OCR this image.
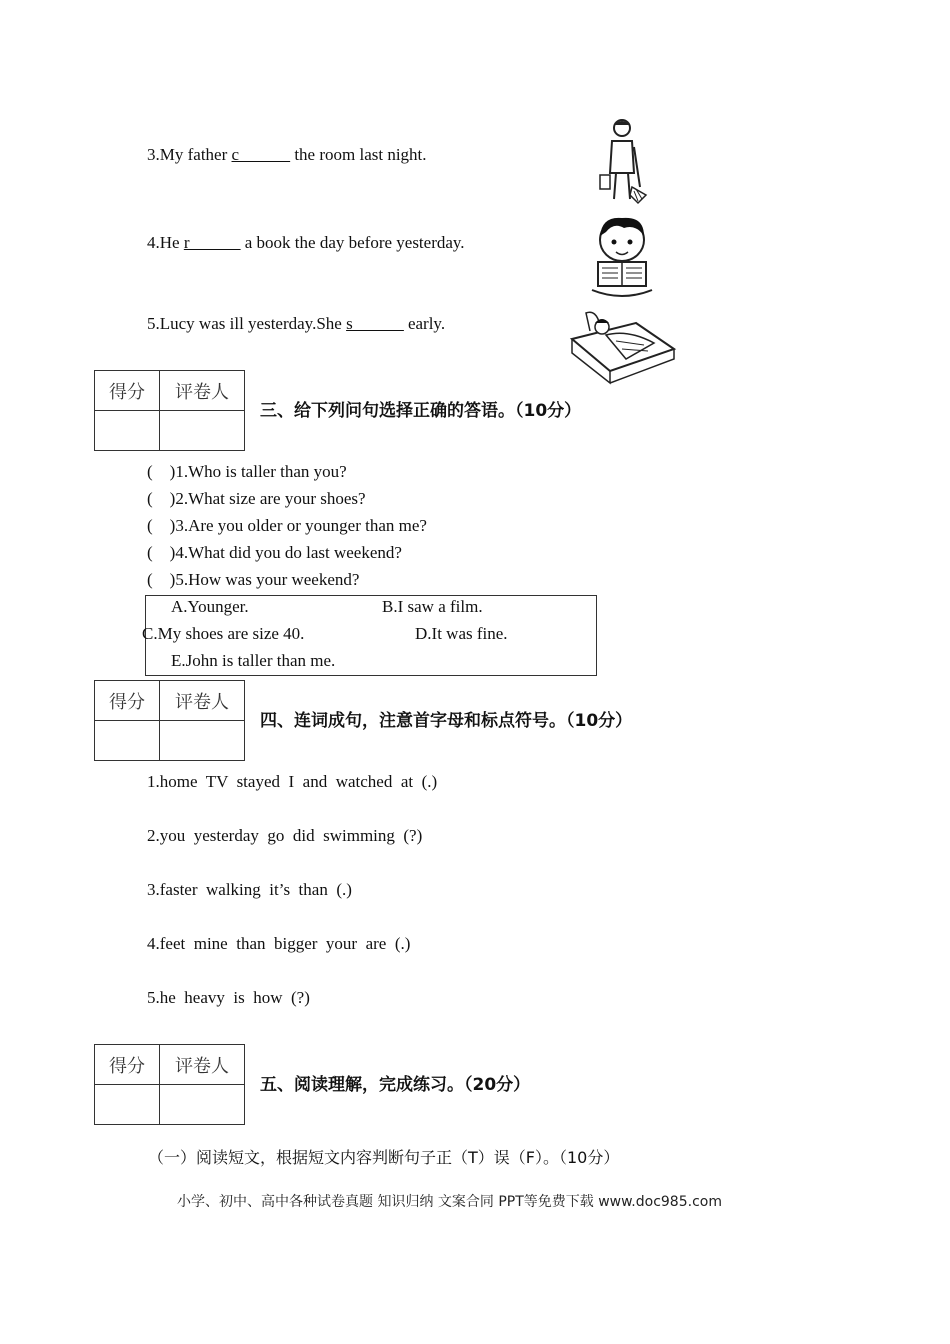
3.My father c______ the room last night.
4.He r______ a book the day before yesterday.
5.Lucy was ill yesterday.She s______ early.
得分	评卷人

三、给下列问句选择正确的答语。（10分）
(    )1.Who is taller than you?
(    )2.What size are your shoes?
(    )3.Are you older or younger than me?
(    )4.What did you do last weekend?
(    )5.How was your weekend?
A.Younger.	B.I saw a film.
C.My shoes are size 40.	D.It was fine.
E.John is taller than me.
得分	评卷人

四、连词成句，注意首字母和标点符号。（10分）
1.home  TV  stayed  I  and  watched  at  (.)
2.you  yesterday  go  did  swimming  (?)
3.faster  walking  it’s  than  (.)
4.feet  mine  than  bigger  your  are  (.)
5.he  heavy  is  how  (?)
得分	评卷人

五、阅读理解，完成练习。（20分）
（一）阅读短文，根据短文内容判断句子正（T）误（F）。（10分）
小学、初中、高中各种试卷真题 知识归纳 文案合同 PPT等免费下载 www.doc985.com
